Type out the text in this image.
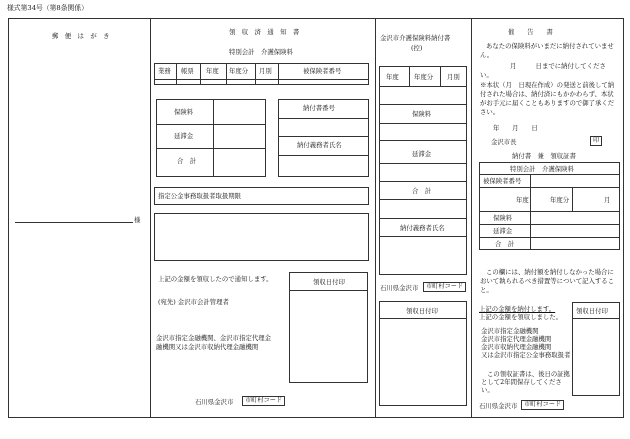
様式第34号（第8条関係）
郵　便　は　が　き
様
領　収　済　通　知　書
特別会計　介護保険料
業務 帳票 年度 年度分 月別	被保険者番号
保険料
延滞金
合　計
納付書番号
納付義務者氏名
指定公金事務取扱者取扱期限
上記の金額を領収したので通知します。
(宛先) 金沢市会計管理者
金沢市指定金融機関、金沢市指定代理金融機関又は金沢市収納代理金融機関
領収日付印
石川県金沢市	市町村コード
金沢市介護保険料納付書
(控)
年度 年度分 月別
保険料
延滞金
合　計
納付義務者氏名
石川県金沢市	市町村コード
領収日付印
催　　告　　書
あなたの保険料がいまだに納付されていません。
月　　　日までに納付してください。
※本状（月　日現在作成）の発送と前後して納付された場合は、納付済にもかかわらず、本状がお手元に届くこともありますので御了承ください。
年　　月　　日
金沢市長	印
納付書　兼　領収証書
特別会計　介護保険料
被保険者番号
年度	年度分	月
保険料
延滞金
合　計
この欄には、納付額を納付しなかった場合において執られるべき措置等について記入すること。
上記の金額を納付します。
上記の金額を領収しました。
金沢市指定金融機関
金沢市指定代理金融機関
金沢市収納代理金融機関
又は金沢市指定公金事務取扱者
この領収証書は、後日の証拠として2年間保存してください。
領収日付印
石川県金沢市	市町村コード
